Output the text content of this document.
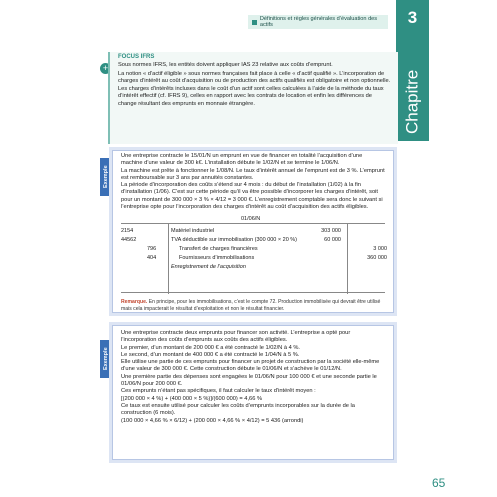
Définitions et règles générales d’évaluation des actifs	3
Chapitre
+
FOCUS IFRS

Sous normes IFRS, les entités doivent appliquer IAS 23 relative aux coûts d’emprunt.

La notion « d’actif éligible » sous normes françaises fait place à celle « d’actif qualifié ». L’incorporation de charges d’intérêt au coût d’acquisition ou de production des actifs qualifiés est obligatoire et non optionnelle.

Les charges d’intérêts incluses dans le coût d’un actif sont celles calculées à l’aide de la méthode du taux d’intérêt effectif (cf. IFRS 9), celles en rapport avec les contrats de location et enfin les différences de change résultant des emprunts en monnaie étrangère.

Exemple

Une entreprise contracte le 15/01/N un emprunt en vue de financer en totalité l’acquisition d’une machine d’une valeur de 300 k€. L’installation débute le 1/02/N et se termine le 1/06/N.

La machine est prête à fonctionner le 1/08/N. Le taux d’intérêt annuel de l’emprunt est de 3 %. L’emprunt est remboursable sur 3 ans par annuités constantes.

La période d’incorporation des coûts s’étend sur 4 mois : du début de l’installation (1/02) à la fin d’installation (1/06). C’est sur cette période qu’il va être possible d’incorporer les charges d’intérêt, soit pour un montant de 300 000 × 3 % × 4/12 = 3 000 €. L’enregistrement comptable sera donc le suivant si l’entreprise opte pour l’incorporation des charges d’intérêt au coût d’acquisition des actifs éligibles.

01/06/N
2154	Matériel industriel	303 000
44562	TVA déductible sur immobilisation (300 000 × 20 %)	60 000
796	Transfert de charges financières	3 000
404	Fournisseurs d’immobilisations	360 000
Enregistrement de l’acquisition

Remarque. En principe, pour les immobilisations, c’est le compte 72. Production immobilisée qui devrait être utilisé mais cela impacterait le résultat d’exploitation et non le résultat financier.

Exemple

Une entreprise contracte deux emprunts pour financer son activité. L’entreprise a opté pour l’incorporation des coûts d’emprunts aux coûts des actifs éligibles.

Le premier, d’un montant de 200 000 € a été contracté le 1/02/N à 4 %.

Le second, d’un montant de 400 000 € a été contracté le 1/04/N à 5 %.

Elle utilise une partie de ces emprunts pour financer un projet de construction par la société elle-même d’une valeur de 300 000 €. Cette construction débute le 01/06/N et s’achève le 01/12/N.

Une première partie des dépenses sont engagées le 01/06/N pour 100 000 € et une seconde partie le 01/06/N pour 200 000 €.

Ces emprunts n’étant pas spécifiques, il faut calculer le taux d’intérêt moyen :

[(200 000 × 4 %) + (400 000 × 5 %)]/(600 000) = 4,66 %

Ce taux est ensuite utilisé pour calculer les coûts d’emprunts incorporables sur la durée de la construction (6 mois).

(100 000 × 4,66 % × 6/12) + (200 000 × 4,66 % × 4/12) = 5 436 (arrondi)

65
